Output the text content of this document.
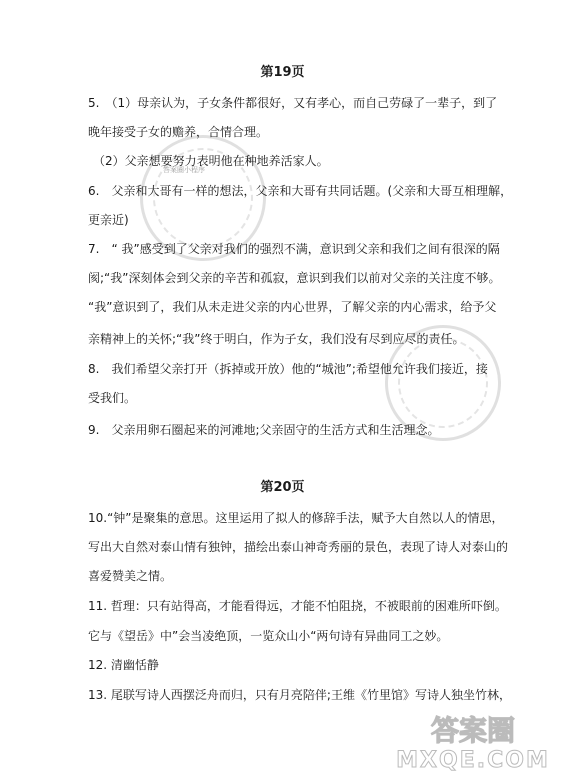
答案圈小程序
第19页

5.　（1）母亲认为，子女条件都很好，又有孝心，而自己劳碌了一辈子，到了

晚年接受子女的赡养，合情合理。

（2）父亲想要努力表明他在种地养活家人。

6.　父亲和大哥有一样的想法，父亲和大哥有共同话题。(父亲和大哥互相理解，

更亲近)

7.　“ 我”感受到了父亲对我们的强烈不满，意识到父亲和我们之间有很深的隔

阂;“我”深刻体会到父亲的辛苦和孤寂，意识到我们以前对父亲的关注度不够。

“我”意识到了，我们从未走进父亲的内心世界，了解父亲的内心需求，给予父

亲精神上的关怀;“我”终于明白，作为子女，我们没有尽到应尽的责任。

8.　我们希望父亲打开（拆掉或开放）他的“城池”;希望他允许我们接近，接

受我们。

9.　父亲用卵石圈起来的河滩地;父亲固守的生活方式和生活理念。

第20页

10.“钟”是聚集的意思。这里运用了拟人的修辞手法，赋予大自然以人的情思，

写出大自然对泰山情有独钟，描绘出泰山神奇秀丽的景色，表现了诗人对泰山的

喜爱赞美之情。

11. 哲理：只有站得高，才能看得远，才能不怕阻挠，不被眼前的困难所吓倒。

它与《望岳》中”会当凌绝顶，一览众山小“两句诗有异曲同工之妙。

12. 清幽恬静

13. 尾联写诗人西摆泛舟而归，只有月亮陪伴;王维《竹里馆》写诗人独坐竹林，

答案圈
MXQE.COM
